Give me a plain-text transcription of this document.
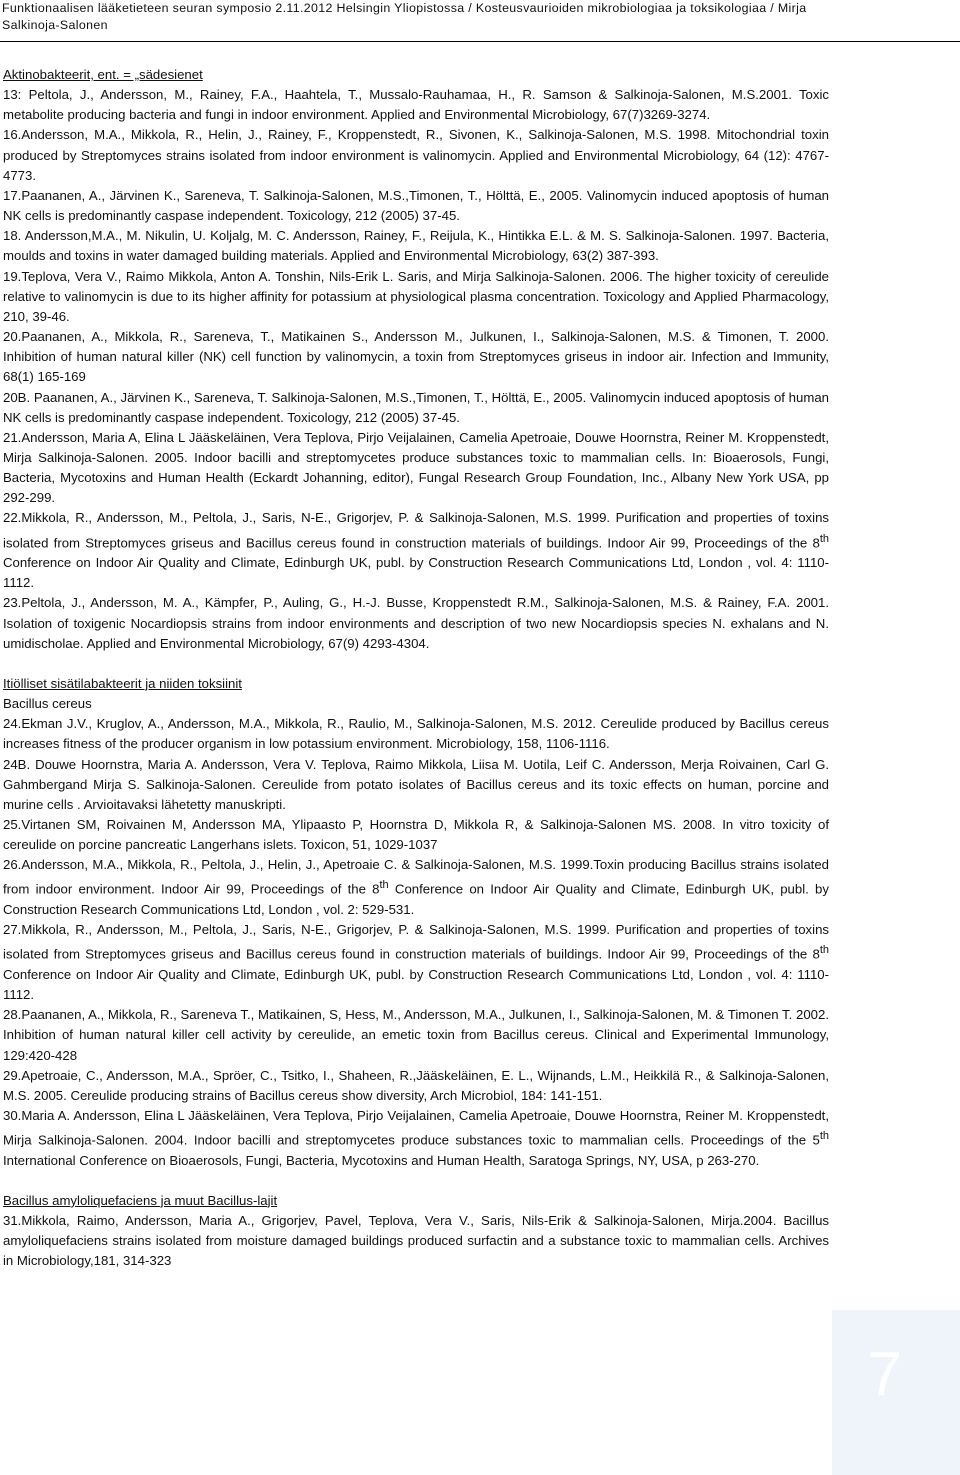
Funktionaalisen lääketieteen seuran symposio 2.11.2012 Helsingin Yliopistossa / Kosteusvaurioiden mikrobiologiaa ja toksikologiaa / Mirja
Salkinoja-Salonen

Aktinobakteerit, ent. = „sädesienet

13: Peltola, J., Andersson, M., Rainey, F.A., Haahtela, T., Mussalo-Rauhamaa, H., R. Samson & Salkinoja-Salonen, M.S.2001. Toxic metabolite producing bacteria and fungi in indoor environment. Applied and Environmental Microbiology, 67(7)3269-3274.

16.Andersson, M.A., Mikkola, R., Helin, J., Rainey, F., Kroppenstedt, R., Sivonen, K., Salkinoja-Salonen, M.S. 1998. Mitochondrial toxin produced by Streptomyces strains isolated from indoor environment is valinomycin. Applied and Environmental Microbiology, 64 (12): 4767-4773.

17.Paananen, A., Järvinen K., Sareneva, T. Salkinoja-Salonen, M.S.,Timonen, T., Hölttä, E., 2005. Valinomycin induced apoptosis of human NK cells is predominantly caspase independent. Toxicology, 212 (2005) 37-45.

18. Andersson,M.A., M. Nikulin, U. Koljalg, M. C. Andersson, Rainey, F., Reijula, K., Hintikka E.L. & M. S. Salkinoja-Salonen. 1997. Bacteria, moulds and toxins in water damaged building materials. Applied and Environmental Microbiology, 63(2) 387-393.

19.Teplova, Vera V., Raimo Mikkola, Anton A. Tonshin, Nils-Erik L. Saris, and Mirja Salkinoja-Salonen. 2006. The higher toxicity of cereulide relative to valinomycin is due to its higher affinity for potassium at physiological plasma concentration. Toxicology and Applied Pharmacology, 210, 39-46.

20.Paananen, A., Mikkola, R., Sareneva, T., Matikainen S., Andersson M., Julkunen, I., Salkinoja-Salonen, M.S. & Timonen, T. 2000. Inhibition of human natural killer (NK) cell function by valinomycin, a toxin from Streptomyces griseus in indoor air. Infection and Immunity, 68(1) 165-169

20B. Paananen, A., Järvinen K., Sareneva, T. Salkinoja-Salonen, M.S.,Timonen, T., Hölttä, E., 2005. Valinomycin induced apoptosis of human NK cells is predominantly caspase independent. Toxicology, 212 (2005) 37-45.

21.Andersson, Maria A, Elina L Jääskeläinen, Vera Teplova, Pirjo Veijalainen, Camelia Apetroaie, Douwe Hoornstra, Reiner M. Kroppenstedt, Mirja Salkinoja-Salonen. 2005. Indoor bacilli and streptomycetes produce substances toxic to mammalian cells. In: Bioaerosols, Fungi, Bacteria, Mycotoxins and Human Health (Eckardt Johanning, editor), Fungal Research Group Foundation, Inc., Albany New York USA, pp 292-299.

22.Mikkola, R., Andersson, M., Peltola, J., Saris, N-E., Grigorjev, P. & Salkinoja-Salonen, M.S. 1999. Purification and properties of toxins isolated from Streptomyces griseus and Bacillus cereus found in construction materials of buildings. Indoor Air 99, Proceedings of the 8th Conference on Indoor Air Quality and Climate, Edinburgh UK, publ. by Construction Research Communications Ltd, London , vol. 4: 1110-1112.

23.Peltola, J., Andersson, M. A., Kämpfer, P., Auling, G., H.-J. Busse, Kroppenstedt R.M., Salkinoja-Salonen, M.S. & Rainey, F.A. 2001. Isolation of toxigenic Nocardiopsis strains from indoor environments and description of two new Nocardiopsis species N. exhalans and N. umidischolae. Applied and Environmental Microbiology, 67(9) 4293-4304.

Itiölliset sisätilabakteerit ja niiden toksiinit

Bacillus cereus

24.Ekman J.V., Kruglov, A., Andersson, M.A., Mikkola, R., Raulio, M., Salkinoja-Salonen, M.S. 2012. Cereulide produced by Bacillus cereus increases fitness of the producer organism in low potassium environment. Microbiology, 158, 1106-1116.

24B. Douwe Hoornstra, Maria A. Andersson, Vera V. Teplova, Raimo Mikkola, Liisa M. Uotila, Leif C. Andersson, Merja Roivainen, Carl G. Gahmbergand Mirja S. Salkinoja-Salonen. Cereulide from potato isolates of Bacillus cereus and its toxic effects on human, porcine and murine cells . Arvioitavaksi lähetetty manuskripti.

25.Virtanen SM, Roivainen M, Andersson MA, Ylipaasto P, Hoornstra D, Mikkola R, & Salkinoja-Salonen MS. 2008. In vitro toxicity of cereulide on porcine pancreatic Langerhans islets. Toxicon, 51, 1029-1037

26.Andersson, M.A., Mikkola, R., Peltola, J., Helin, J., Apetroaie C. & Salkinoja-Salonen, M.S. 1999.Toxin producing Bacillus strains isolated from indoor environment. Indoor Air 99, Proceedings of the 8th Conference on Indoor Air Quality and Climate, Edinburgh UK, publ. by Construction Research Communications Ltd, London , vol. 2: 529-531.

27.Mikkola, R., Andersson, M., Peltola, J., Saris, N-E., Grigorjev, P. & Salkinoja-Salonen, M.S. 1999. Purification and properties of toxins isolated from Streptomyces griseus and Bacillus cereus found in construction materials of buildings. Indoor Air 99, Proceedings of the 8th Conference on Indoor Air Quality and Climate, Edinburgh UK, publ. by Construction Research Communications Ltd, London , vol. 4: 1110-1112.

28.Paananen, A., Mikkola, R., Sareneva T., Matikainen, S, Hess, M., Andersson, M.A., Julkunen, I., Salkinoja-Salonen, M. & Timonen T. 2002. Inhibition of human natural killer cell activity by cereulide, an emetic toxin from Bacillus cereus. Clinical and Experimental Immunology, 129:420-428

29.Apetroaie, C., Andersson, M.A., Spröer, C., Tsitko, I., Shaheen, R.,Jääskeläinen, E. L., Wijnands, L.M., Heikkilä R., & Salkinoja-Salonen, M.S. 2005. Cereulide producing strains of Bacillus cereus show diversity, Arch Microbiol, 184: 141-151.

30.Maria A. Andersson, Elina L Jääskeläinen, Vera Teplova, Pirjo Veijalainen, Camelia Apetroaie, Douwe Hoornstra, Reiner M. Kroppenstedt, Mirja Salkinoja-Salonen. 2004. Indoor bacilli and streptomycetes produce substances toxic to mammalian cells. Proceedings of the 5th International Conference on Bioaerosols, Fungi, Bacteria, Mycotoxins and Human Health, Saratoga Springs, NY, USA, p 263-270.

Bacillus amyloliquefaciens ja muut Bacillus-lajit

31.Mikkola, Raimo, Andersson, Maria A., Grigorjev, Pavel, Teplova, Vera V., Saris, Nils-Erik & Salkinoja-Salonen, Mirja.2004. Bacillus amyloliquefaciens strains isolated from moisture damaged buildings produced surfactin and a substance toxic to mammalian cells. Archives in Microbiology,181, 314-323

7
